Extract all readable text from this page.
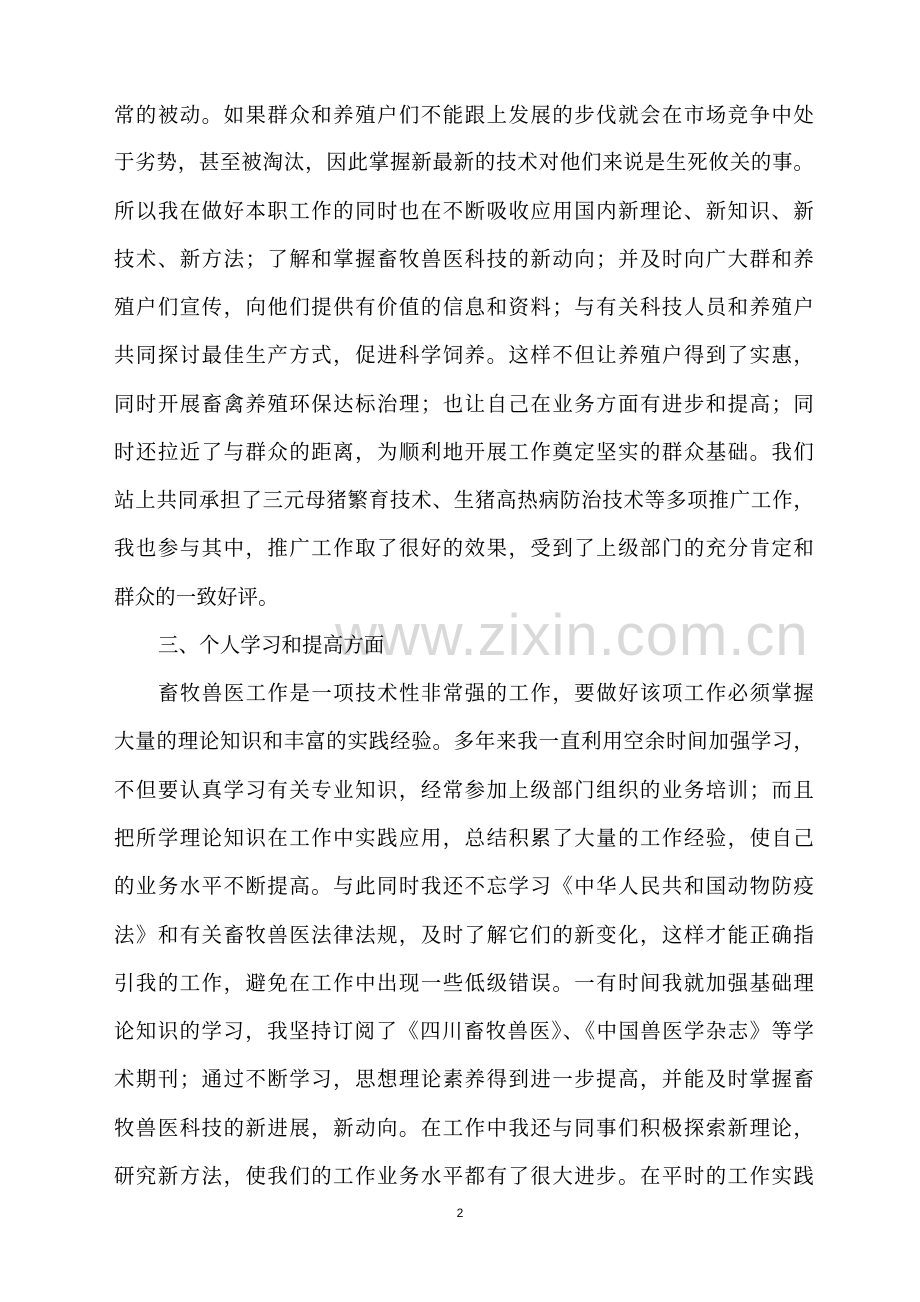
常的被动。如果群众和养殖户们不能跟上发展的步伐就会在市场竞争中处
于劣势，甚至被淘汰，因此掌握新最新的技术对他们来说是生死攸关的事。
所以我在做好本职工作的同时也在不断吸收应用国内新理论、新知识、新
技术、新方法；了解和掌握畜牧兽医科技的新动向；并及时向广大群和养
殖户们宣传，向他们提供有价值的信息和资料；与有关科技人员和养殖户
共同探讨最佳生产方式，促进科学饲养。这样不但让养殖户得到了实惠，
同时开展畜禽养殖环保达标治理；也让自己在业务方面有进步和提高；同
时还拉近了与群众的距离，为顺利地开展工作奠定坚实的群众基础。我们
站上共同承担了三元母猪繁育技术、生猪高热病防治技术等多项推广工作，
我也参与其中，推广工作取了很好的效果，受到了上级部门的充分肯定和
群众的一致好评。
www.zixin.com.cn
三、个人学习和提高方面
畜牧兽医工作是一项技术性非常强的工作，要做好该项工作必须掌握
大量的理论知识和丰富的实践经验。多年来我一直利用空余时间加强学习，
不但要认真学习有关专业知识，经常参加上级部门组织的业务培训；而且
把所学理论知识在工作中实践应用，总结积累了大量的工作经验，使自己
的业务水平不断提高。与此同时我还不忘学习《中华人民共和国动物防疫
法》和有关畜牧兽医法律法规，及时了解它们的新变化，这样才能正确指
引我的工作，避免在工作中出现一些低级错误。一有时间我就加强基础理
论知识的学习，我坚持订阅了《四川畜牧兽医》、《中国兽医学杂志》等学
术期刊；通过不断学习，思想理论素养得到进一步提高，并能及时掌握畜
牧兽医科技的新进展，新动向。在工作中我还与同事们积极探索新理论，
研究新方法，使我们的工作业务水平都有了很大进步。在平时的工作实践
2
